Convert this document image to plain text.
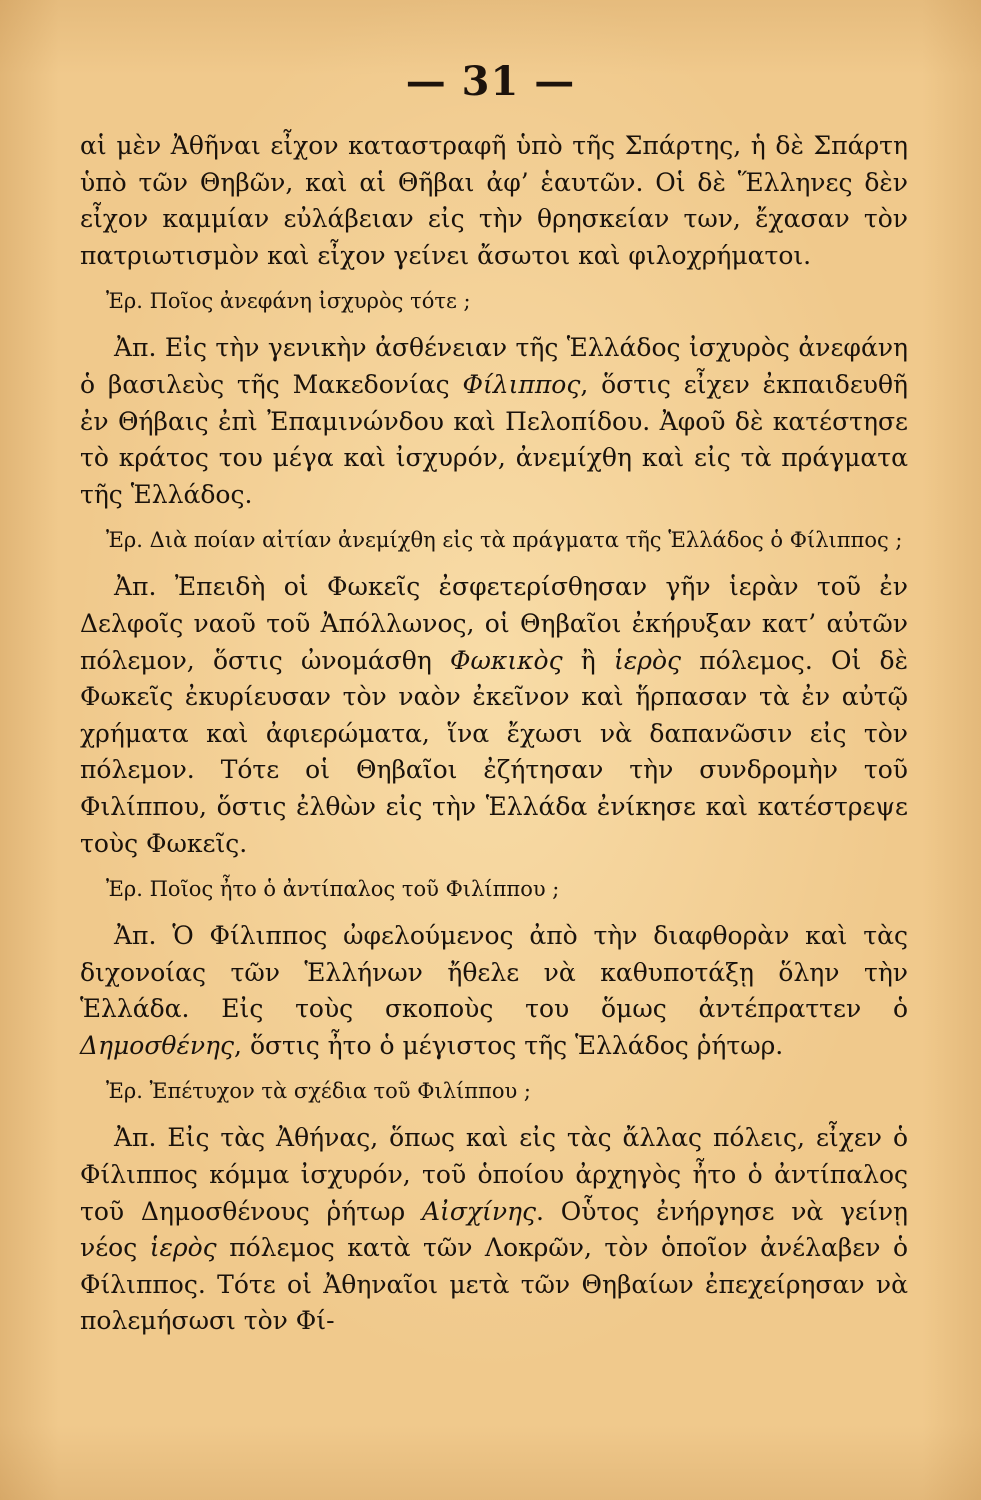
— 31 —

αἱ μὲν Ἀθῆναι εἶχον καταστραφῆ ὑπὸ τῆς Σπάρτης, ἡ δὲ Σπάρτη ὑπὸ τῶν Θηβῶν, καὶ αἱ Θῆβαι ἀφ’ ἑαυτῶν. Οἱ δὲ Ἕλληνες δὲν εἶχον καμμίαν εὐλάβειαν εἰς τὴν θρησκείαν των, ἔχασαν τὸν πατριωτισμὸν καὶ εἶχον γείνει ἄσωτοι καὶ φιλοχρήματοι.

Ἐρ. Ποῖος ἀνεφάνη ἰσχυρὸς τότε ;

Ἀπ. Εἰς τὴν γενικὴν ἀσθένειαν τῆς Ἑλλάδος ἰσχυρὸς ἀνεφάνη ὁ βασιλεὺς τῆς Μακεδονίας Φίλιππος, ὅστις εἶχεν ἐκπαιδευθῆ ἐν Θήβαις ἐπὶ Ἐπαμινώνδου καὶ Πελοπίδου. Ἀφοῦ δὲ κατέστησε τὸ κράτος του μέγα καὶ ἰσχυρόν, ἀνεμίχθη καὶ εἰς τὰ πράγματα τῆς Ἑλλάδος.

Ἐρ. Διὰ ποίαν αἰτίαν ἀνεμίχθη εἰς τὰ πράγματα τῆς Ἑλλάδος ὁ Φίλιππος ;

Ἀπ. Ἐπειδὴ οἱ Φωκεῖς ἐσφετερίσθησαν γῆν ἱερὰν τοῦ ἐν Δελφοῖς ναοῦ τοῦ Ἀπόλλωνος, οἱ Θηβαῖοι ἐκήρυξαν κατ’ αὐτῶν πόλεμον, ὅστις ὠνομάσθη Φωκικὸς ἢ ἱερὸς πόλεμος. Οἱ δὲ Φωκεῖς ἐκυρίευσαν τὸν ναὸν ἐκεῖνον καὶ ἥρπασαν τὰ ἐν αὐτῷ χρήματα καὶ ἀφιερώματα, ἵνα ἔχωσι νὰ δαπανῶσιν εἰς τὸν πόλεμον. Τότε οἱ Θηβαῖοι ἐζήτησαν τὴν συνδρομὴν τοῦ Φιλίππου, ὅστις ἐλθὼν εἰς τὴν Ἑλλάδα ἐνίκησε καὶ κατέστρεψε τοὺς Φωκεῖς.

Ἐρ. Ποῖος ἦτο ὁ ἀντίπαλος τοῦ Φιλίππου ;

Ἀπ. Ὁ Φίλιππος ὠφελούμενος ἀπὸ τὴν διαφθορὰν καὶ τὰς διχονοίας τῶν Ἑλλήνων ἤθελε νὰ καθυποτάξῃ ὅλην τὴν Ἑλλάδα. Εἰς τοὺς σκοποὺς του ὅμως ἀντέπραττεν ὁ Δημοσθένης, ὅστις ἦτο ὁ μέγιστος τῆς Ἑλλάδος ῥήτωρ.

Ἐρ. Ἐπέτυχον τὰ σχέδια τοῦ Φιλίππου ;

Ἀπ. Εἰς τὰς Ἀθήνας, ὅπως καὶ εἰς τὰς ἄλλας πόλεις, εἶχεν ὁ Φίλιππος κόμμα ἰσχυρόν, τοῦ ὁποίου ἀρχηγὸς ἦτο ὁ ἀντίπαλος τοῦ Δημοσθένους ῥήτωρ Αἰσχίνης. Οὗτος ἐνήργησε νὰ γείνῃ νέος ἱερὸς πόλεμος κατὰ τῶν Λοκρῶν, τὸν ὁποῖον ἀνέλαβεν ὁ Φίλιππος. Τότε οἱ Ἀθηναῖοι μετὰ τῶν Θηβαίων ἐπεχείρησαν νὰ πολεμήσωσι τὸν Φί-
